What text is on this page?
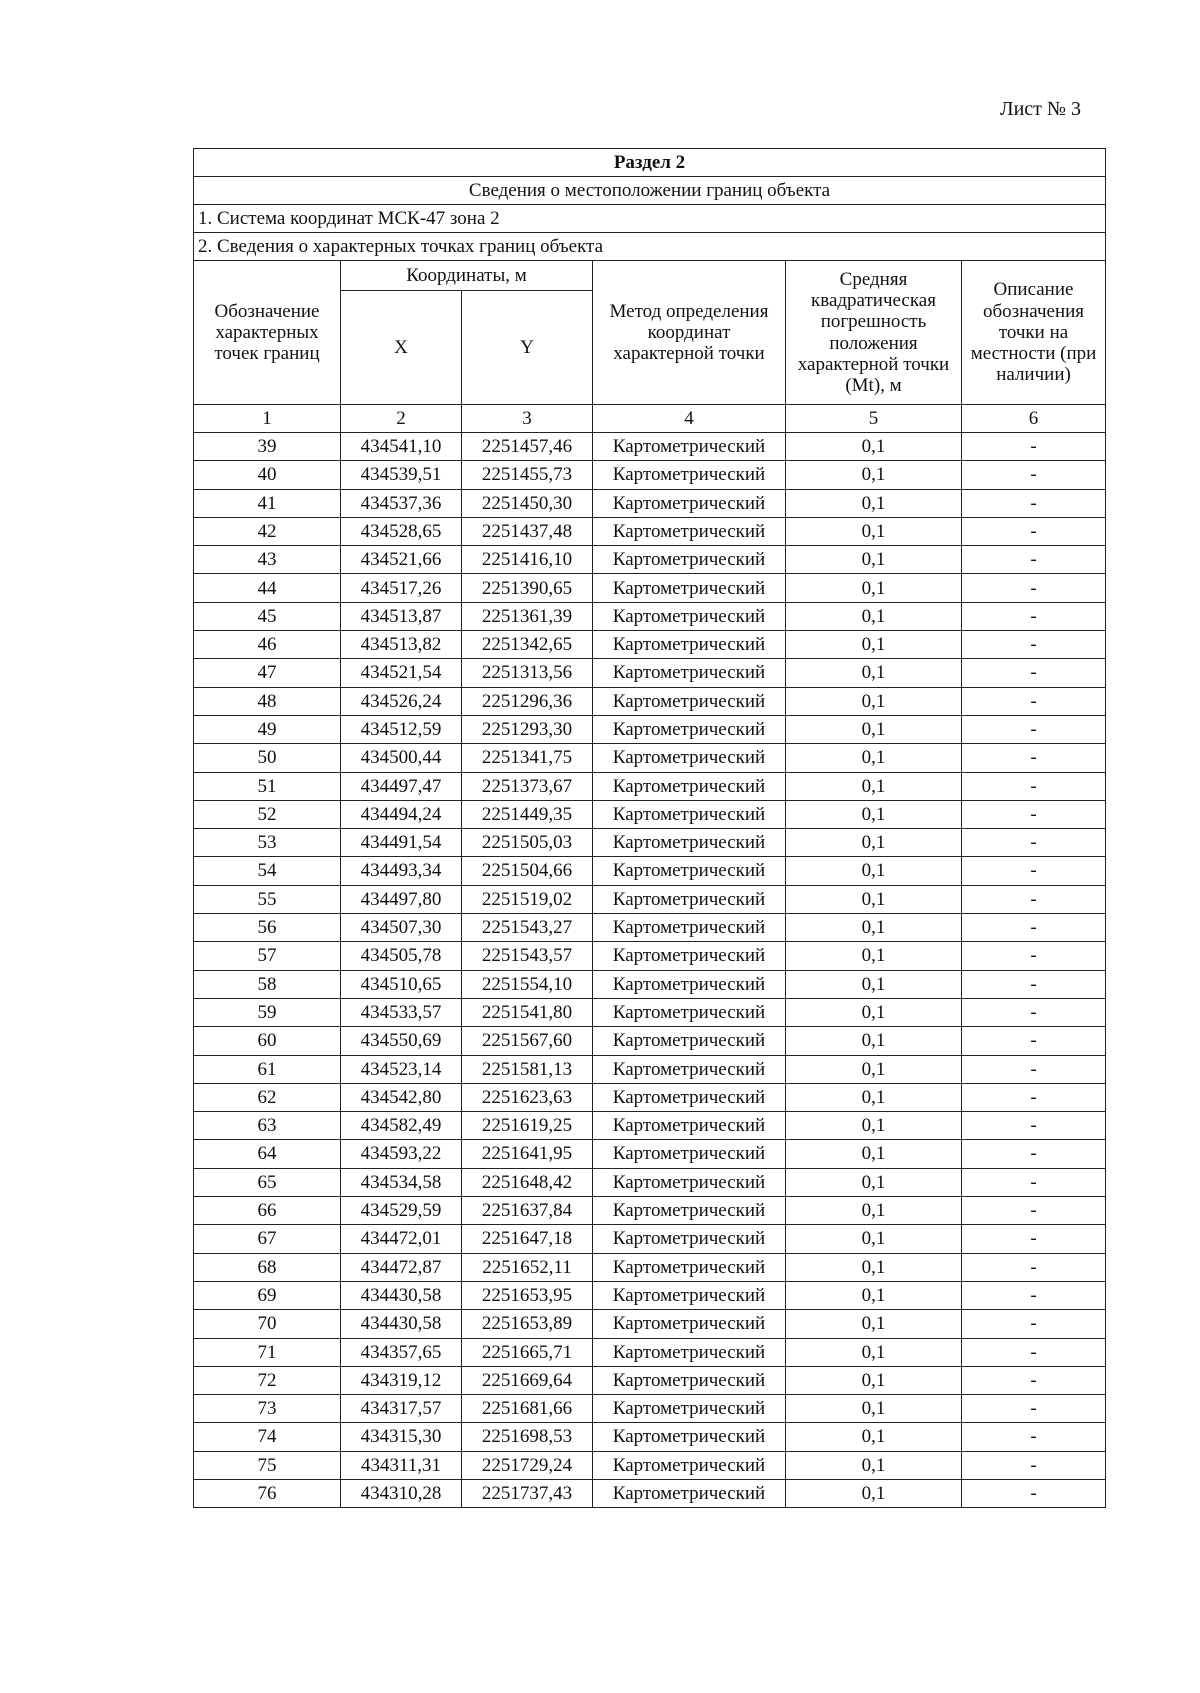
Лист № 3
Раздел 2					
Сведения о местоположении границ объекта					
1. Система координат МСК-47 зона 2					
2. Сведения о характерных точках границ объекта					
Обозначение характерных точек границ	Координаты, м		Метод определения координат характерной точки	Средняя квадратическая погрешность положения характерной точки (Mt), м	Описание обозначения точки на местности (при наличии)
	X	Y			
1	2	3	4	5	6
39	434541,10	2251457,46	Картометрический	0,1	-
40	434539,51	2251455,73	Картометрический	0,1	-
41	434537,36	2251450,30	Картометрический	0,1	-
42	434528,65	2251437,48	Картометрический	0,1	-
43	434521,66	2251416,10	Картометрический	0,1	-
44	434517,26	2251390,65	Картометрический	0,1	-
45	434513,87	2251361,39	Картометрический	0,1	-
46	434513,82	2251342,65	Картометрический	0,1	-
47	434521,54	2251313,56	Картометрический	0,1	-
48	434526,24	2251296,36	Картометрический	0,1	-
49	434512,59	2251293,30	Картометрический	0,1	-
50	434500,44	2251341,75	Картометрический	0,1	-
51	434497,47	2251373,67	Картометрический	0,1	-
52	434494,24	2251449,35	Картометрический	0,1	-
53	434491,54	2251505,03	Картометрический	0,1	-
54	434493,34	2251504,66	Картометрический	0,1	-
55	434497,80	2251519,02	Картометрический	0,1	-
56	434507,30	2251543,27	Картометрический	0,1	-
57	434505,78	2251543,57	Картометрический	0,1	-
58	434510,65	2251554,10	Картометрический	0,1	-
59	434533,57	2251541,80	Картометрический	0,1	-
60	434550,69	2251567,60	Картометрический	0,1	-
61	434523,14	2251581,13	Картометрический	0,1	-
62	434542,80	2251623,63	Картометрический	0,1	-
63	434582,49	2251619,25	Картометрический	0,1	-
64	434593,22	2251641,95	Картометрический	0,1	-
65	434534,58	2251648,42	Картометрический	0,1	-
66	434529,59	2251637,84	Картометрический	0,1	-
67	434472,01	2251647,18	Картометрический	0,1	-
68	434472,87	2251652,11	Картометрический	0,1	-
69	434430,58	2251653,95	Картометрический	0,1	-
70	434430,58	2251653,89	Картометрический	0,1	-
71	434357,65	2251665,71	Картометрический	0,1	-
72	434319,12	2251669,64	Картометрический	0,1	-
73	434317,57	2251681,66	Картометрический	0,1	-
74	434315,30	2251698,53	Картометрический	0,1	-
75	434311,31	2251729,24	Картометрический	0,1	-
76	434310,28	2251737,43	Картометрический	0,1	-
